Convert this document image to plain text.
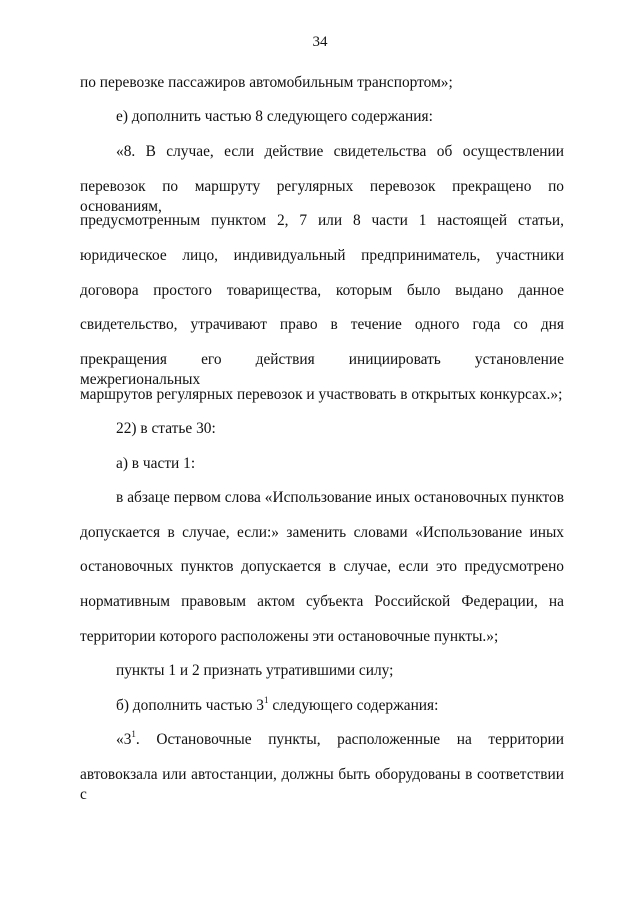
34
по перевозке пассажиров автомобильным транспортом»;
е) дополнить частью 8 следующего содержания:
«8. В случае, если действие свидетельства об осуществлении
перевозок по маршруту регулярных перевозок прекращено по основаниям,
предусмотренным пунктом 2, 7 или 8 части 1 настоящей статьи,
юридическое лицо, индивидуальный предприниматель, участники
договора простого товарищества, которым было выдано данное
свидетельство, утрачивают право в течение одного года со дня
прекращения его действия инициировать установление межрегиональных
маршрутов регулярных перевозок и участвовать в открытых конкурсах.»;
22) в статье 30:
а) в части 1:
в абзаце первом слова «Использование иных остановочных пунктов
допускается в случае, если:» заменить словами «Использование иных
остановочных пунктов допускается в случае, если это предусмотрено
нормативным правовым актом субъекта Российской Федерации, на
территории которого расположены эти остановочные пункты.»;
пункты 1 и 2 признать утратившими силу;
б) дополнить частью $3^1$ следующего содержания:
«$3^1$. Остановочные пункты, расположенные на территории
автовокзала или автостанции, должны быть оборудованы в соответствии с
